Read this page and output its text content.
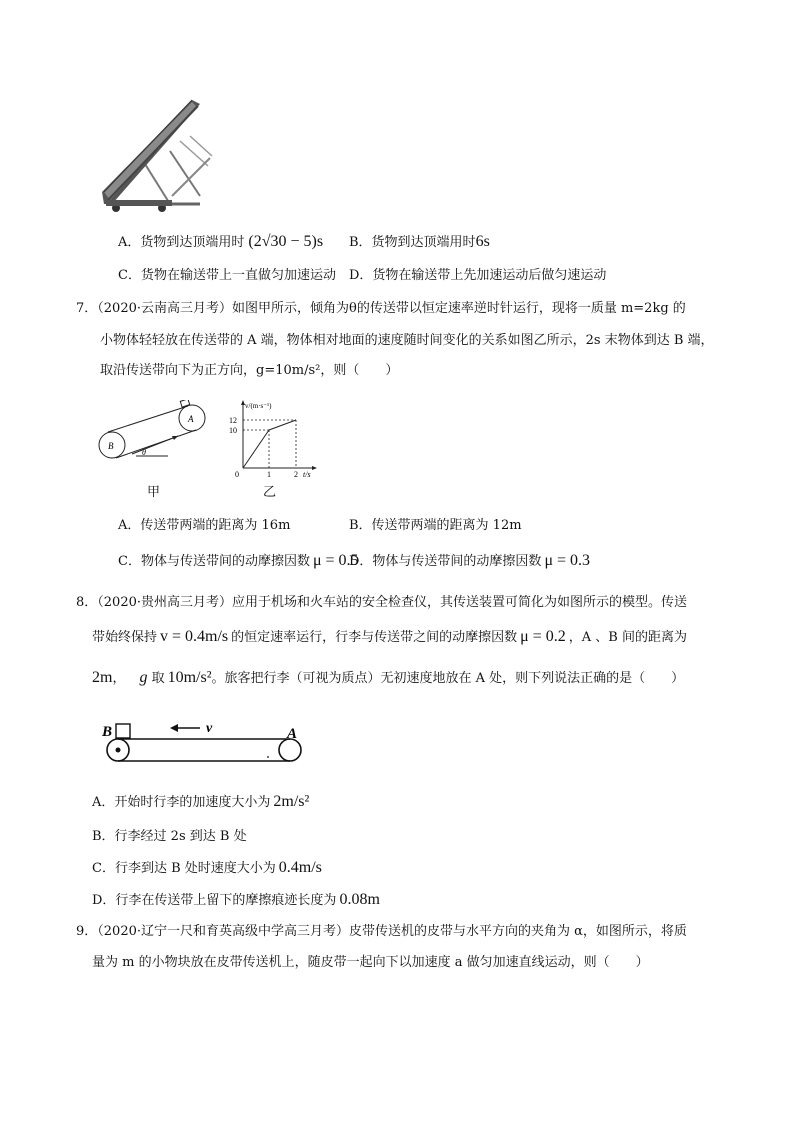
A．货物到达顶端用时 (2√30 − 5)s B．货物到达顶端用时6s
C．货物在输送带上一直做匀加速运动 D．货物在输送带上先加速运动后做匀速运动
7．（2020·云南高三月考）如图甲所示，倾角为θ的传送带以恒定速率逆时针运行，现将一质量 m=2kg 的
小物体轻轻放在传送带的 A 端，物体相对地面的速度随时间变化的关系如图乙所示，2s 末物体到达 B 端，
取沿传送带向下为正方向，g=10m/s²，则（　　）
A
B
θ
甲
v/(m·s⁻¹)
12
10
0	1	2 t/s
乙
A．传送带两端的距离为 16m	B．传送带两端的距离为 12m
C．物体与传送带间的动摩擦因数 μ = 0.5
D．物体与传送带间的动摩擦因数 μ = 0.3
8．（2020·贵州高三月考）应用于机场和火车站的安全检查仪，其传送装置可简化为如图所示的模型。传送
带始终保持 v = 0.4m/s 的恒定速率运行，行李与传送带之间的动摩擦因数 μ = 0.2 ，A 、B 间的距离为
2m， g 取 10m/s²。旅客把行李（可视为质点）无初速度地放在 A 处，则下列说法正确的是（　　）
B	A
v
A．开始时行李的加速度大小为 2m/s²
B．行李经过 2s 到达 B 处
C．行李到达 B 处时速度大小为 0.4m/s
D．行李在传送带上留下的摩擦痕迹长度为 0.08m
9．（2020·辽宁一尺和育英高级中学高三月考）皮带传送机的皮带与水平方向的夹角为 α，如图所示，将质
量为 m 的小物块放在皮带传送机上，随皮带一起向下以加速度 a 做匀加速直线运动，则（　　）
